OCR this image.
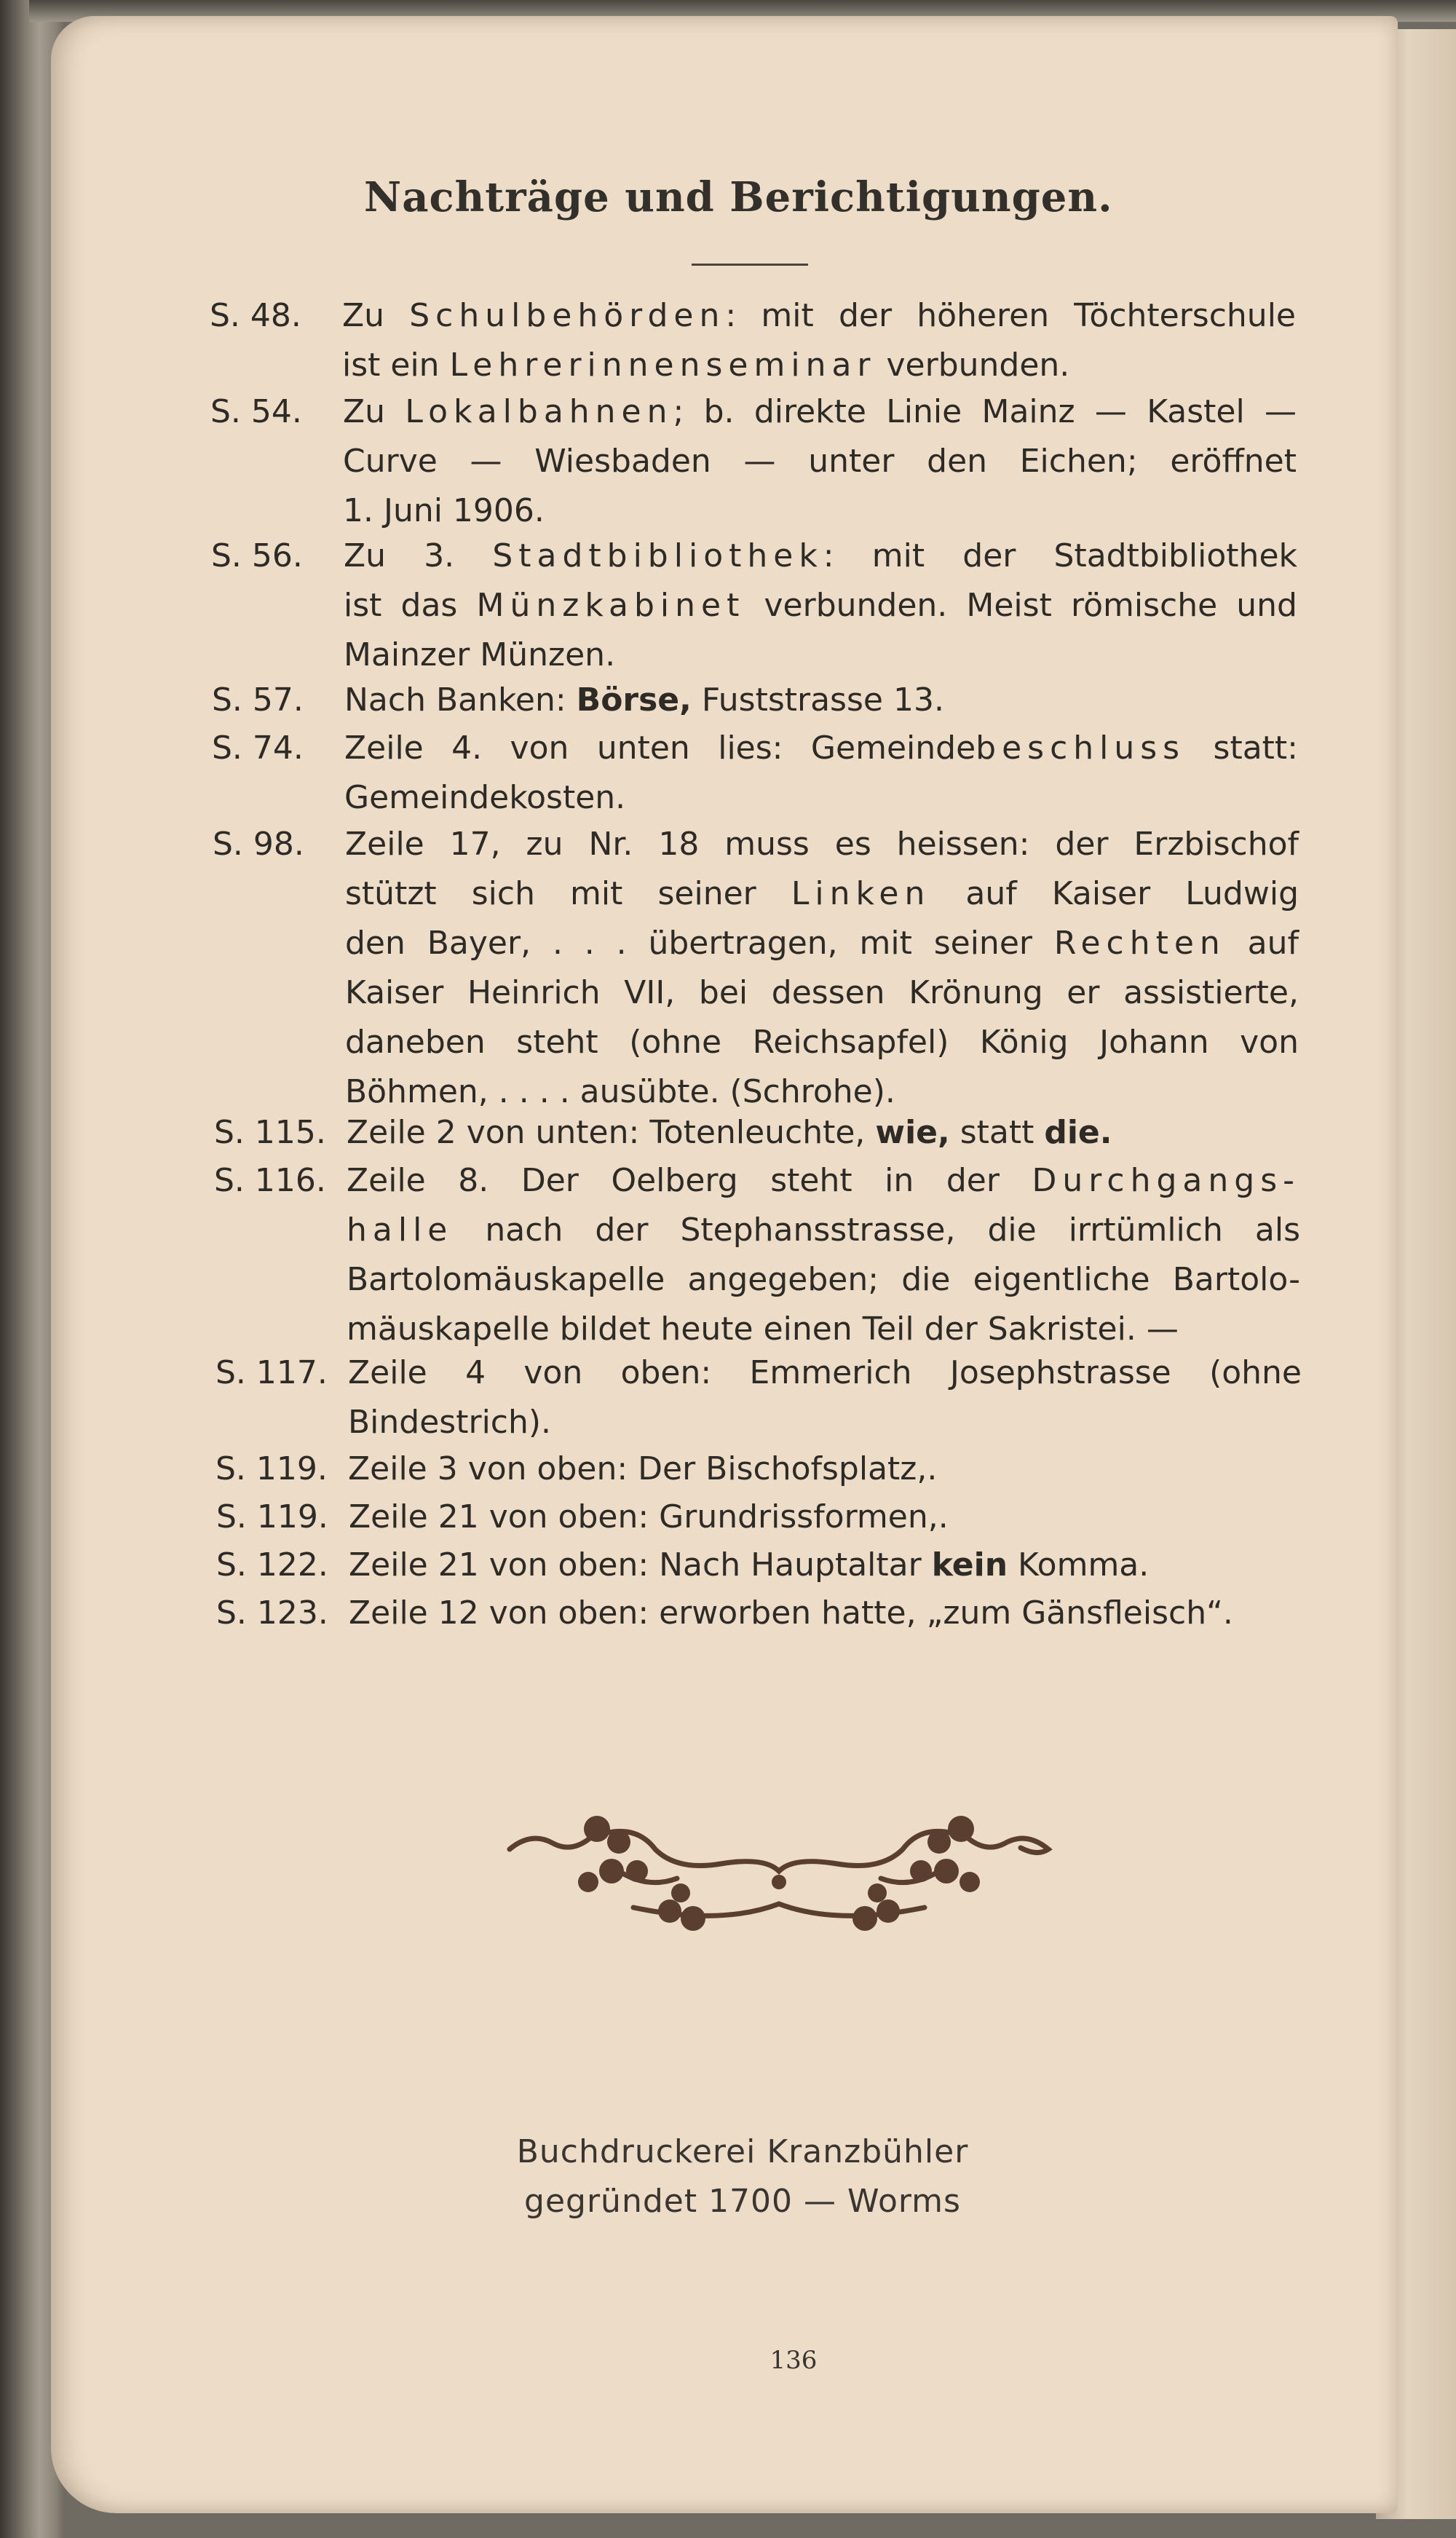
Nachträge und Berichtigungen.
S. 48. Zu Schulbehörden: mit der höheren Töchterschule
ist ein Lehrerinnenseminar verbunden.
S. 54. Zu Lokalbahnen; b. direkte Linie Mainz — Kastel —
Curve — Wiesbaden — unter den Eichen; eröffnet
1. Juni 1906.
S. 56. Zu 3. Stadtbibliothek: mit der Stadtbibliothek
ist das Münzkabinet verbunden. Meist römische und
Mainzer Münzen.
S. 57. Nach Banken: Börse, Fuststrasse 13.
S. 74. Zeile 4. von unten lies: Gemeindebeschluss statt:
Gemeindekosten.
S. 98. Zeile 17, zu Nr. 18 muss es heissen: der Erzbischof
stützt sich mit seiner Linken auf Kaiser Ludwig
den Bayer, . . . übertragen, mit seiner Rechten auf
Kaiser Heinrich VII, bei dessen Krönung er assistierte,
daneben steht (ohne Reichsapfel) König Johann von
Böhmen, . . . . ausübte. (Schrohe).
S. 115. Zeile 2 von unten: Totenleuchte, wie, statt die.
S. 116. Zeile 8. Der Oelberg steht in der Durchgangs-
halle nach der Stephansstrasse, die irrtümlich als
Bartolomäuskapelle angegeben; die eigentliche Bartolo-
mäuskapelle bildet heute einen Teil der Sakristei. —
S. 117. Zeile 4 von oben: Emmerich Josephstrasse (ohne
Bindestrich).
S. 119. Zeile 3 von oben: Der Bischofsplatz,.
S. 119. Zeile 21 von oben: Grundrissformen,.
S. 122. Zeile 21 von oben: Nach Hauptaltar kein Komma.
S. 123. Zeile 12 von oben: erworben hatte, „zum Gänsfleisch“.
Buchdruckerei Kranzbühler
gegründet 1700 — Worms
136
